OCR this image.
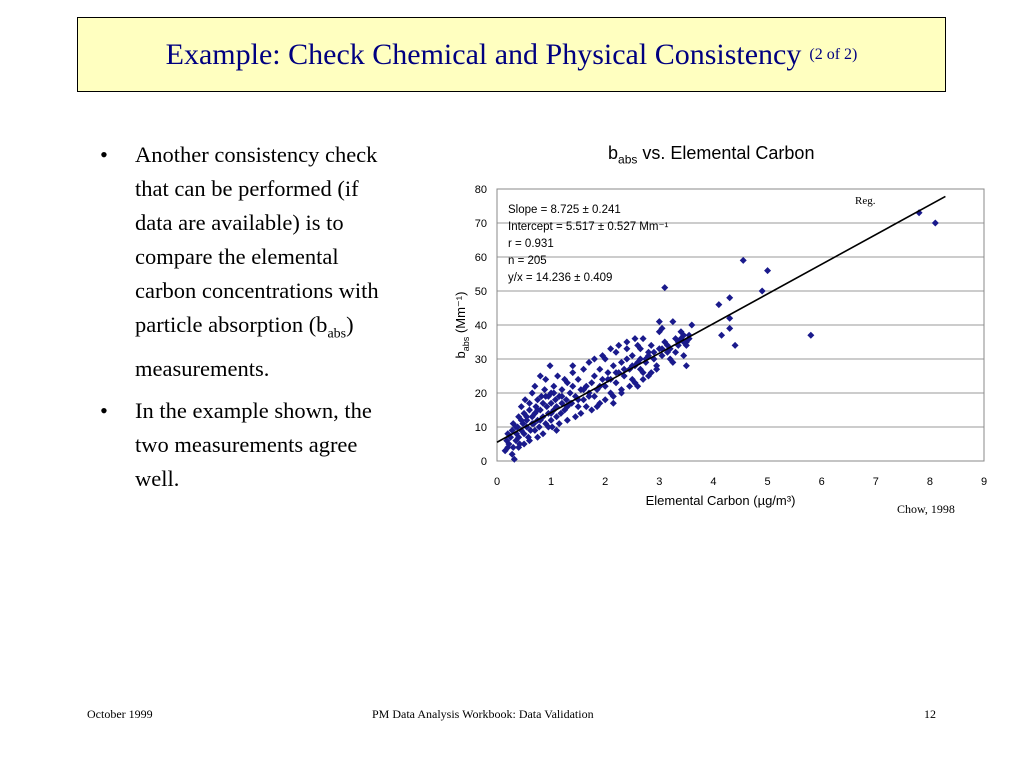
Example: Check Chemical and Physical Consistency (2 of 2)
•	Another consistency check that can be performed (if data are available) is to compare the elemental carbon concentrations with particle absorption $(b_{abs})$ measurements.
•	In the example shown, the two measurements agree well.
$b_{abs}$ vs. Elemental Carbon
0
10
20
30
40
50
60
70
80
0	1	2	3	4	5	6	7	8	9
Elemental Carbon (µg/m³)
$b_{abs}$ (Mm⁻¹)
Reg.
Slope = 8.725 ± 0.241
Intercept = 5.517 ± 0.527 Mm⁻¹
r = 0.931
n = 205
y/x = 14.236 ± 0.409
Chow, 1998
October 1999	PM Data Analysis Workbook: Data Validation	12
